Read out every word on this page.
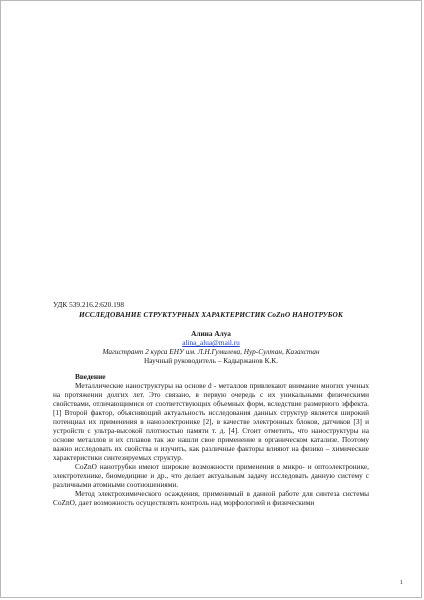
УДК 539.216.2:620.198

ИССЛЕДОВАНИЕ СТРУКТУРНЫХ ХАРАКТЕРИСТИК CoZnO НАНОТРУБОК

Алина Алуа

alina_alua@mail.ru

Магистрант 2 курса ЕНУ им. Л.Н.Гумилева, Нур-Султан, Казахстан

Научный руководитель – Кадыржанов К.К.

Введение

Металлические наноструктуры на основе d - металлов привлекают внимание многих ученых на протяжении долгих лет. Это связано, в первую очередь с их уникальными физическими свойствами, отличающимися от соответствующих объемных форм, вследствие размерного эффекта. [1] Второй фактор, объясняющий актуальность исследования данных структур является широкий потенциал их применения в наноэлектронике [2], в качестве электронных блоков, датчиков [3] и устройств с ультра-высокой плотностью памяти т. д. [4]. Стоит отметить, что наноструктуры на основе металлов и их сплавов так же нашли свое применение в органическом катализе. Поэтому важно исследовать их свойства и изучить, как различные факторы влияют на физико – химические характеристики синтезируемых структур.

CoZnO нанотрубки имеют широкие возможности применения в микро- и оптоэлектронике, электротехнике, биомедицине и др., что делает актуальным задачу исследовать данную систему с различными атомными соотношениями.

Метод электрохимического осаждения, применимый в данной работе для синтеза системы CoZnO, дает возможность осуществлять контроль над морфологией и физическими

1
